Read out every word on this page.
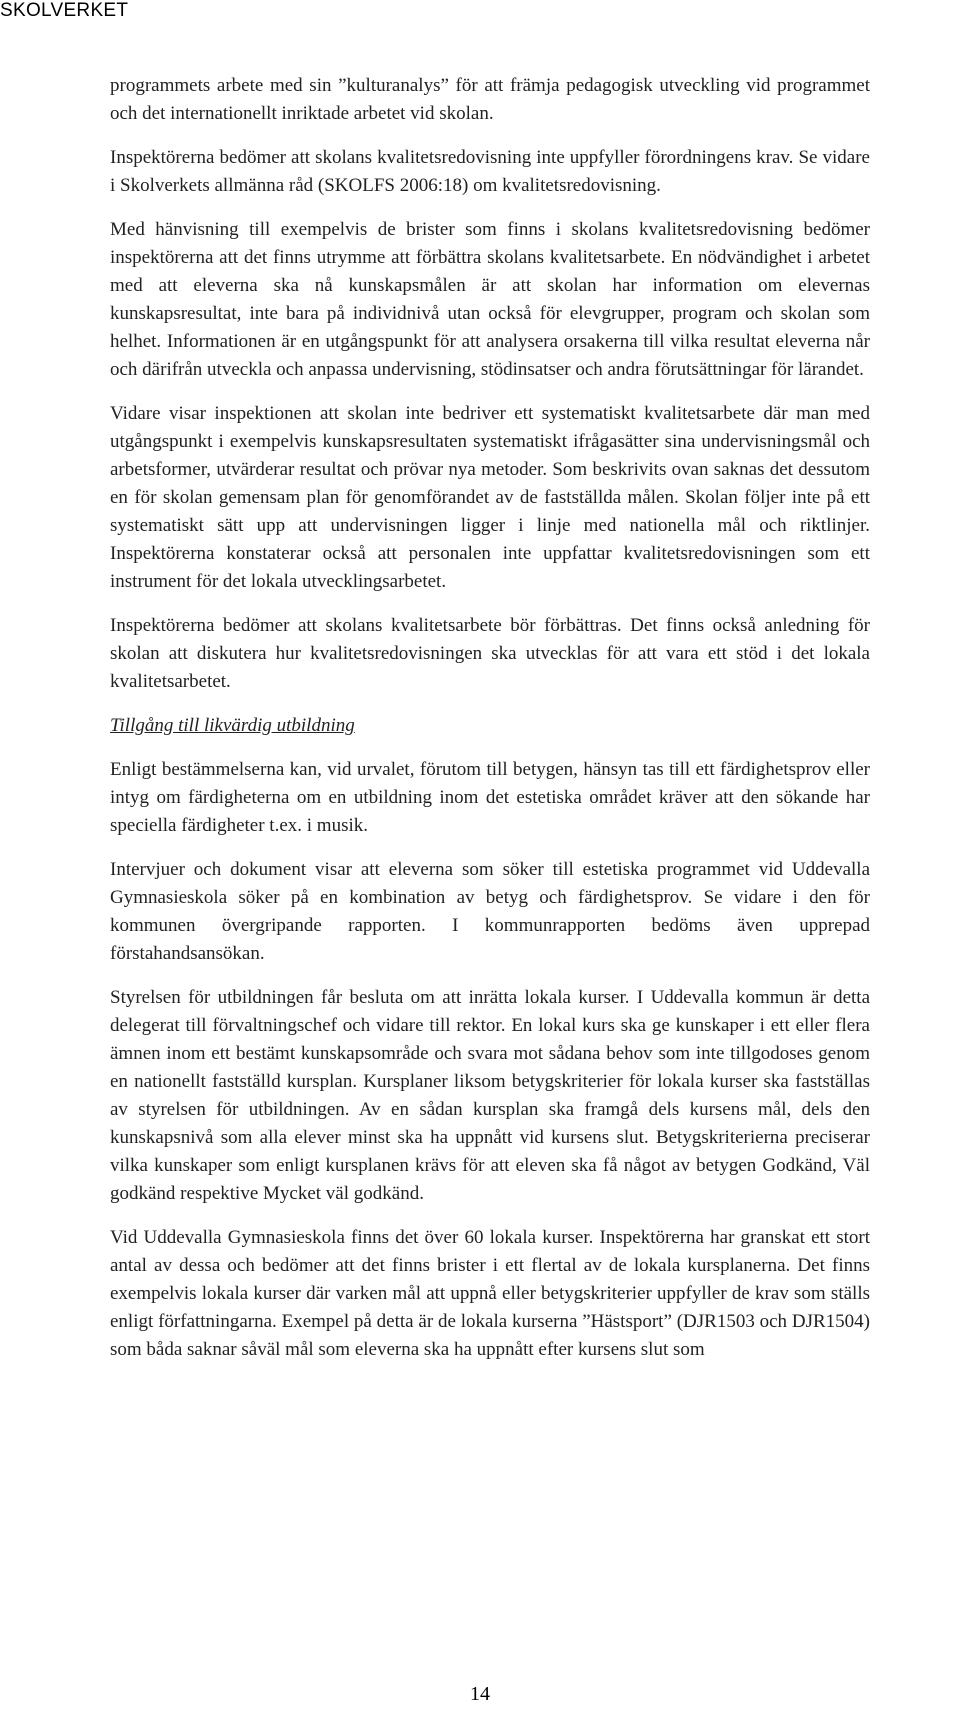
SKOLVERKET

programmets arbete med sin ”kulturanalys” för att främja pedagogisk utveckling vid programmet och det internationellt inriktade arbetet vid skolan.

Inspektörerna bedömer att skolans kvalitetsredovisning inte uppfyller förordningens krav. Se vidare i Skolverkets allmänna råd (SKOLFS 2006:18) om kvalitetsredovisning.

Med hänvisning till exempelvis de brister som finns i skolans kvalitetsredovisning bedömer inspektörerna att det finns utrymme att förbättra skolans kvalitetsarbete. En nödvändighet i arbetet med att eleverna ska nå kunskapsmålen är att skolan har information om elevernas kunskapsresultat, inte bara på individnivå utan också för elevgrupper, program och skolan som helhet. Informationen är en utgångspunkt för att analysera orsakerna till vilka resultat eleverna når och därifrån utveckla och anpassa undervisning, stödinsatser och andra förutsättningar för lärandet.

Vidare visar inspektionen att skolan inte bedriver ett systematiskt kvalitetsarbete där man med utgångspunkt i exempelvis kunskapsresultaten systematiskt ifrågasätter sina undervisningsmål och arbetsformer, utvärderar resultat och prövar nya metoder. Som beskrivits ovan saknas det dessutom en för skolan gemensam plan för genomförandet av de fastställda målen. Skolan följer inte på ett systematiskt sätt upp att undervisningen ligger i linje med nationella mål och riktlinjer. Inspektörerna konstaterar också att personalen inte uppfattar kvalitetsredovisningen som ett instrument för det lokala utvecklingsarbetet.

Inspektörerna bedömer att skolans kvalitetsarbete bör förbättras. Det finns också anledning för skolan att diskutera hur kvalitetsredovisningen ska utvecklas för att vara ett stöd i det lokala kvalitetsarbetet.

Tillgång till likvärdig utbildning

Enligt bestämmelserna kan, vid urvalet, förutom till betygen, hänsyn tas till ett färdighetsprov eller intyg om färdigheterna om en utbildning inom det estetiska området kräver att den sökande har speciella färdigheter t.ex. i musik.

Intervjuer och dokument visar att eleverna som söker till estetiska programmet vid Uddevalla Gymnasieskola söker på en kombination av betyg och färdighetsprov. Se vidare i den för kommunen övergripande rapporten. I kommunrapporten bedöms även upprepad förstahandsansökan.

Styrelsen för utbildningen får besluta om att inrätta lokala kurser. I Uddevalla kommun är detta delegerat till förvaltningschef och vidare till rektor. En lokal kurs ska ge kunskaper i ett eller flera ämnen inom ett bestämt kunskapsområde och svara mot sådana behov som inte tillgodoses genom en nationellt fastställd kursplan. Kursplaner liksom betygskriterier för lokala kurser ska fastställas av styrelsen för utbildningen. Av en sådan kursplan ska framgå dels kursens mål, dels den kunskapsnivå som alla elever minst ska ha uppnått vid kursens slut. Betygskriterierna preciserar vilka kunskaper som enligt kursplanen krävs för att eleven ska få något av betygen Godkänd, Väl godkänd respektive Mycket väl godkänd.

Vid Uddevalla Gymnasieskola finns det över 60 lokala kurser. Inspektörerna har granskat ett stort antal av dessa och bedömer att det finns brister i ett flertal av de lokala kursplanerna. Det finns exempelvis lokala kurser där varken mål att uppnå eller betygskriterier uppfyller de krav som ställs enligt författningarna. Exempel på detta är de lokala kurserna ”Hästsport” (DJR1503 och DJR1504) som båda saknar såväl mål som eleverna ska ha uppnått efter kursens slut som

14
